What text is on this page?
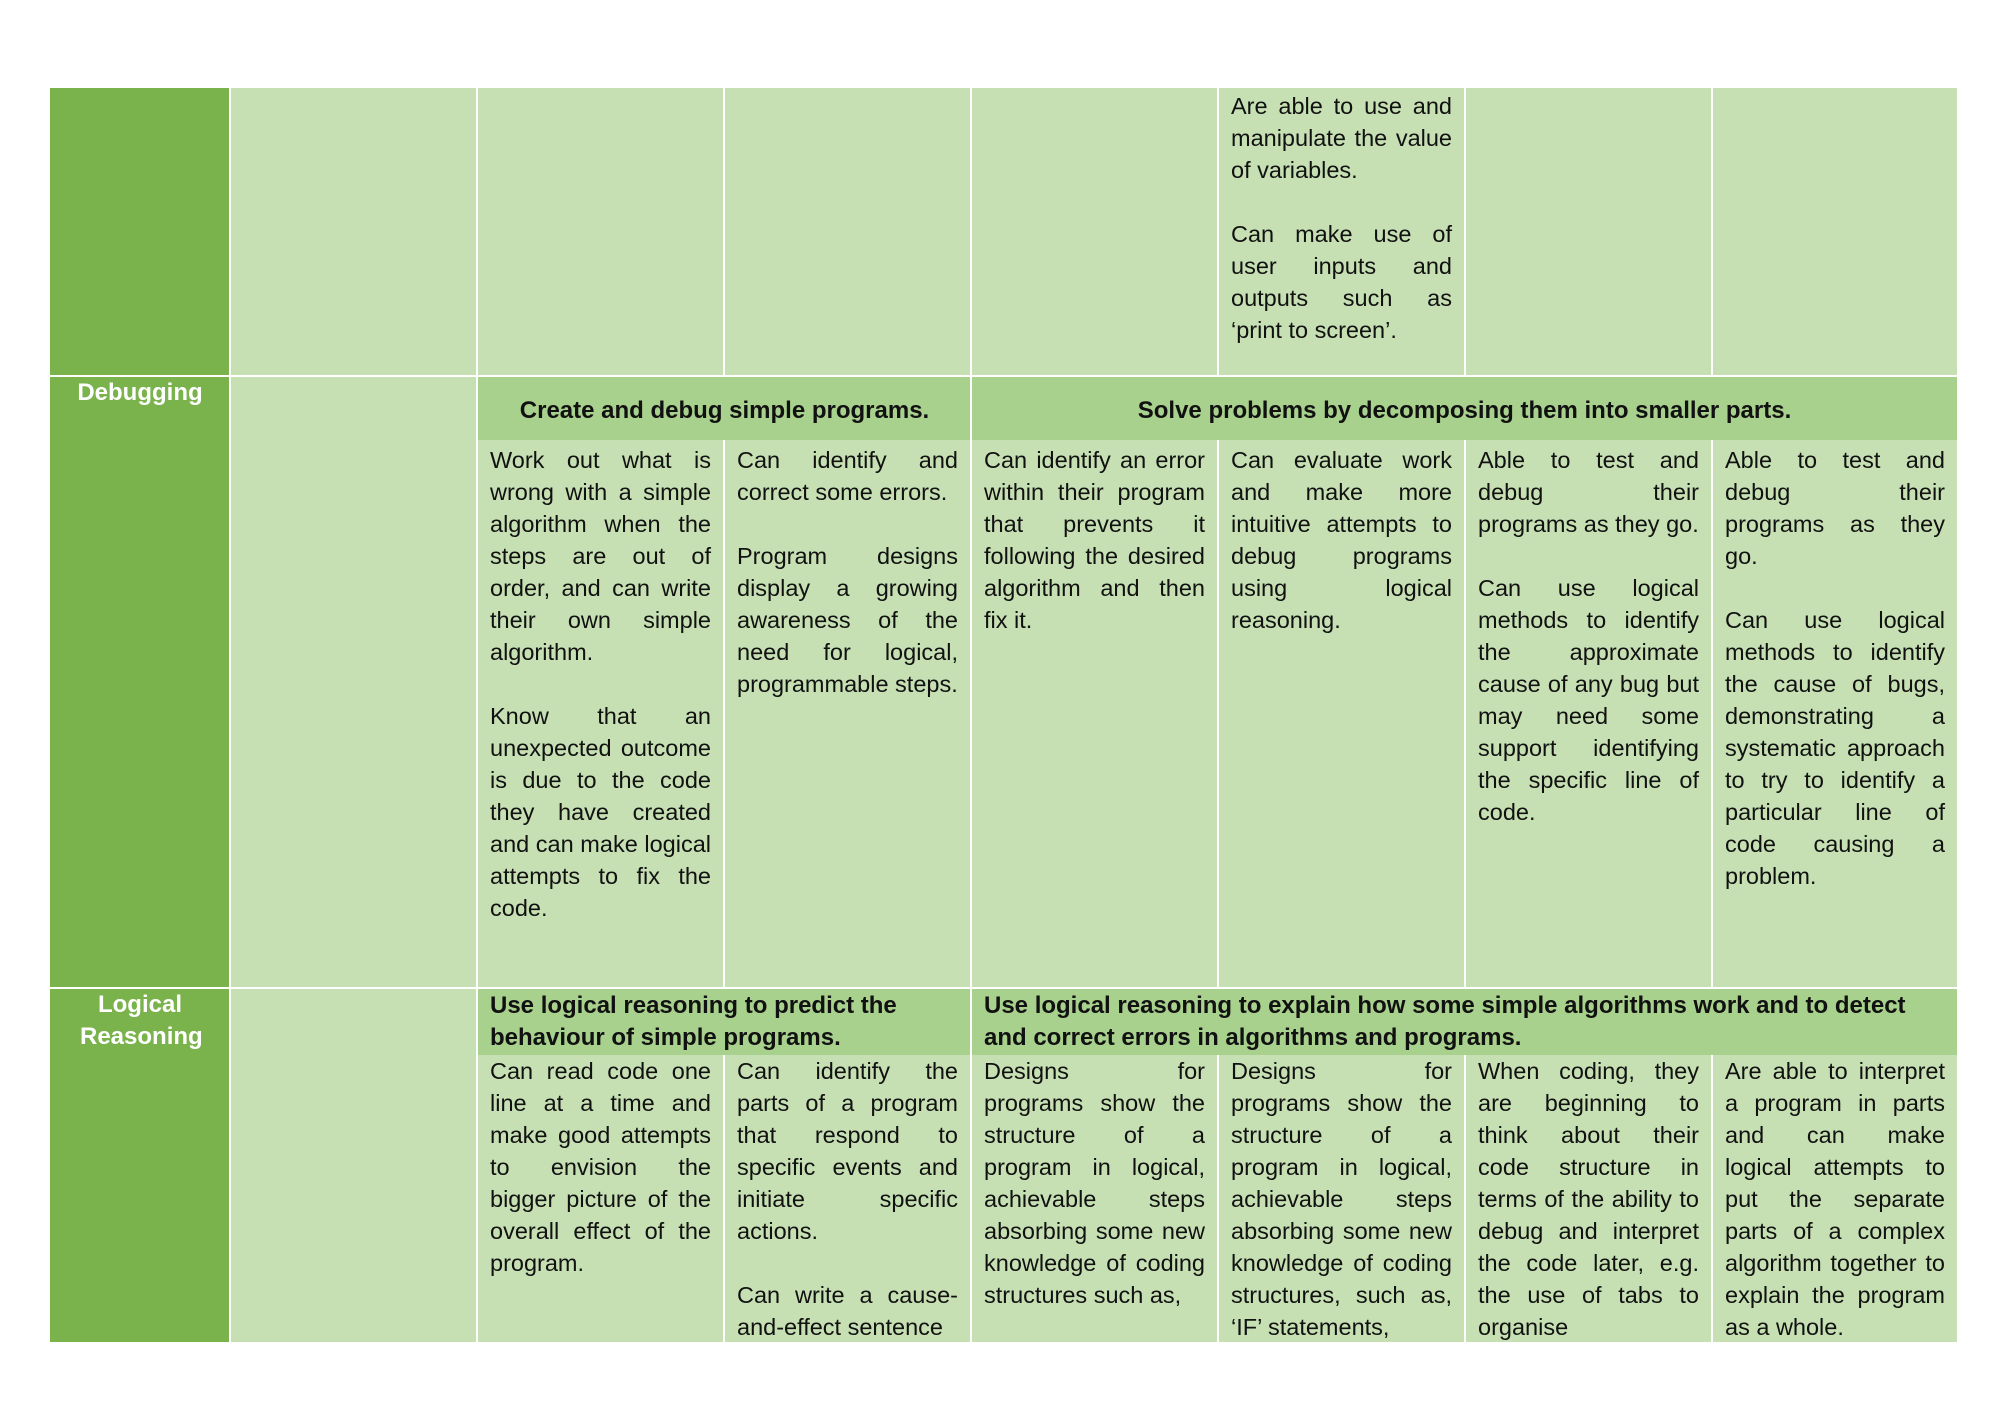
Are able to use and manipulate the value of variables.

Can make use of user inputs and outputs such as ‘print to screen’.

Debugging
Create and debug simple programs.	Solve problems by decomposing them into smaller parts.

Work out what is wrong with a simple algorithm when the steps are out of order, and can write their own simple algorithm.

Know that an unexpected outcome is due to the code they have created and can make logical attempts to fix the code.

Can identify and correct some errors.

Program designs display a growing awareness of the need for logical, programmable steps.

Can identify an error within their program that prevents it following the desired algorithm and then fix it.

Can evaluate work and make more intuitive attempts to debug programs using logical reasoning.

Able to test and debug their programs as they go.

Can use logical methods to identify the approximate cause of any bug but may need some support identifying the specific line of code.

Able to test and debug their programs as they go.

Can use logical methods to identify the cause of bugs, demonstrating a systematic approach to try to identify a particular line of code causing a problem.

Logical Reasoning
Use logical reasoning to predict the behaviour of simple programs.
Use logical reasoning to explain how some simple algorithms work and to detect and correct errors in algorithms and programs.

Can read code one line at a time and make good attempts to envision the bigger picture of the overall effect of the program.

Can identify the parts of a program that respond to specific events and initiate specific actions.

Can write a cause-and-effect sentence

Designs for programs show the structure of a program in logical, achievable steps absorbing some new knowledge of coding structures such as,

Designs for programs show the structure of a program in logical, achievable steps absorbing some new knowledge of coding structures, such as, ‘IF’ statements,

When coding, they are beginning to think about their code structure in terms of the ability to debug and interpret the code later, e.g. the use of tabs to organise

Are able to interpret a program in parts and can make logical attempts to put the separate parts of a complex algorithm together to explain the program as a whole.
